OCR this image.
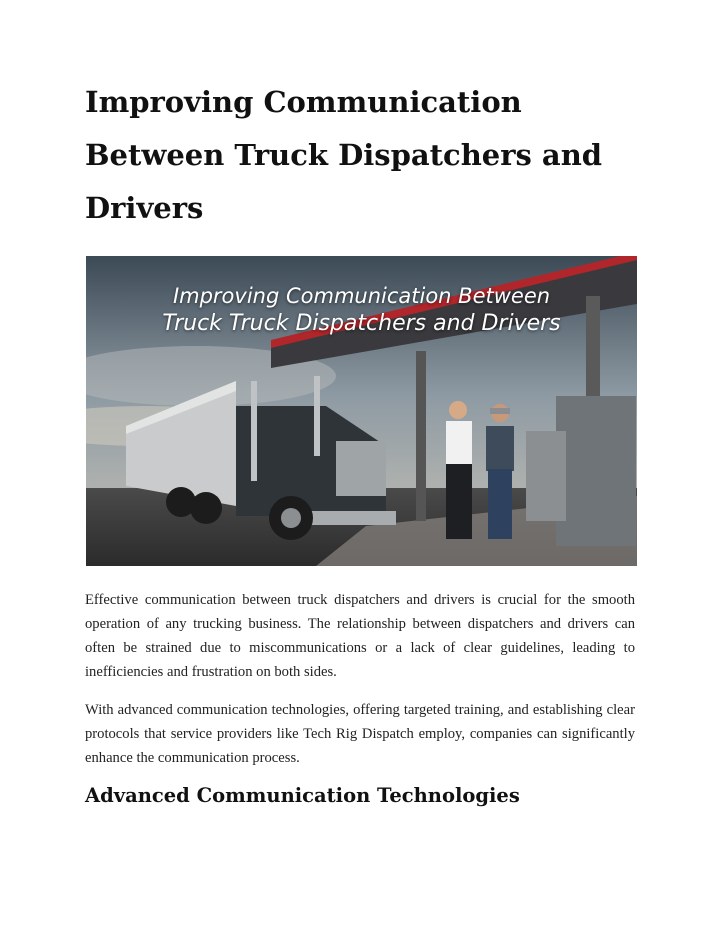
Improving Communication Between Truck Dispatchers and Drivers
Improving Communication Between
Truck Truck Dispatchers and Drivers

Effective communication between truck dispatchers and drivers is crucial for the smooth operation of any trucking business. The relationship between dispatchers and drivers can often be strained due to miscommunications or a lack of clear guidelines, leading to inefficiencies and frustration on both sides.

With advanced communication technologies, offering targeted training, and establishing clear protocols that service providers like Tech Rig Dispatch employ, companies can significantly enhance the communication process.

Advanced Communication Technologies
